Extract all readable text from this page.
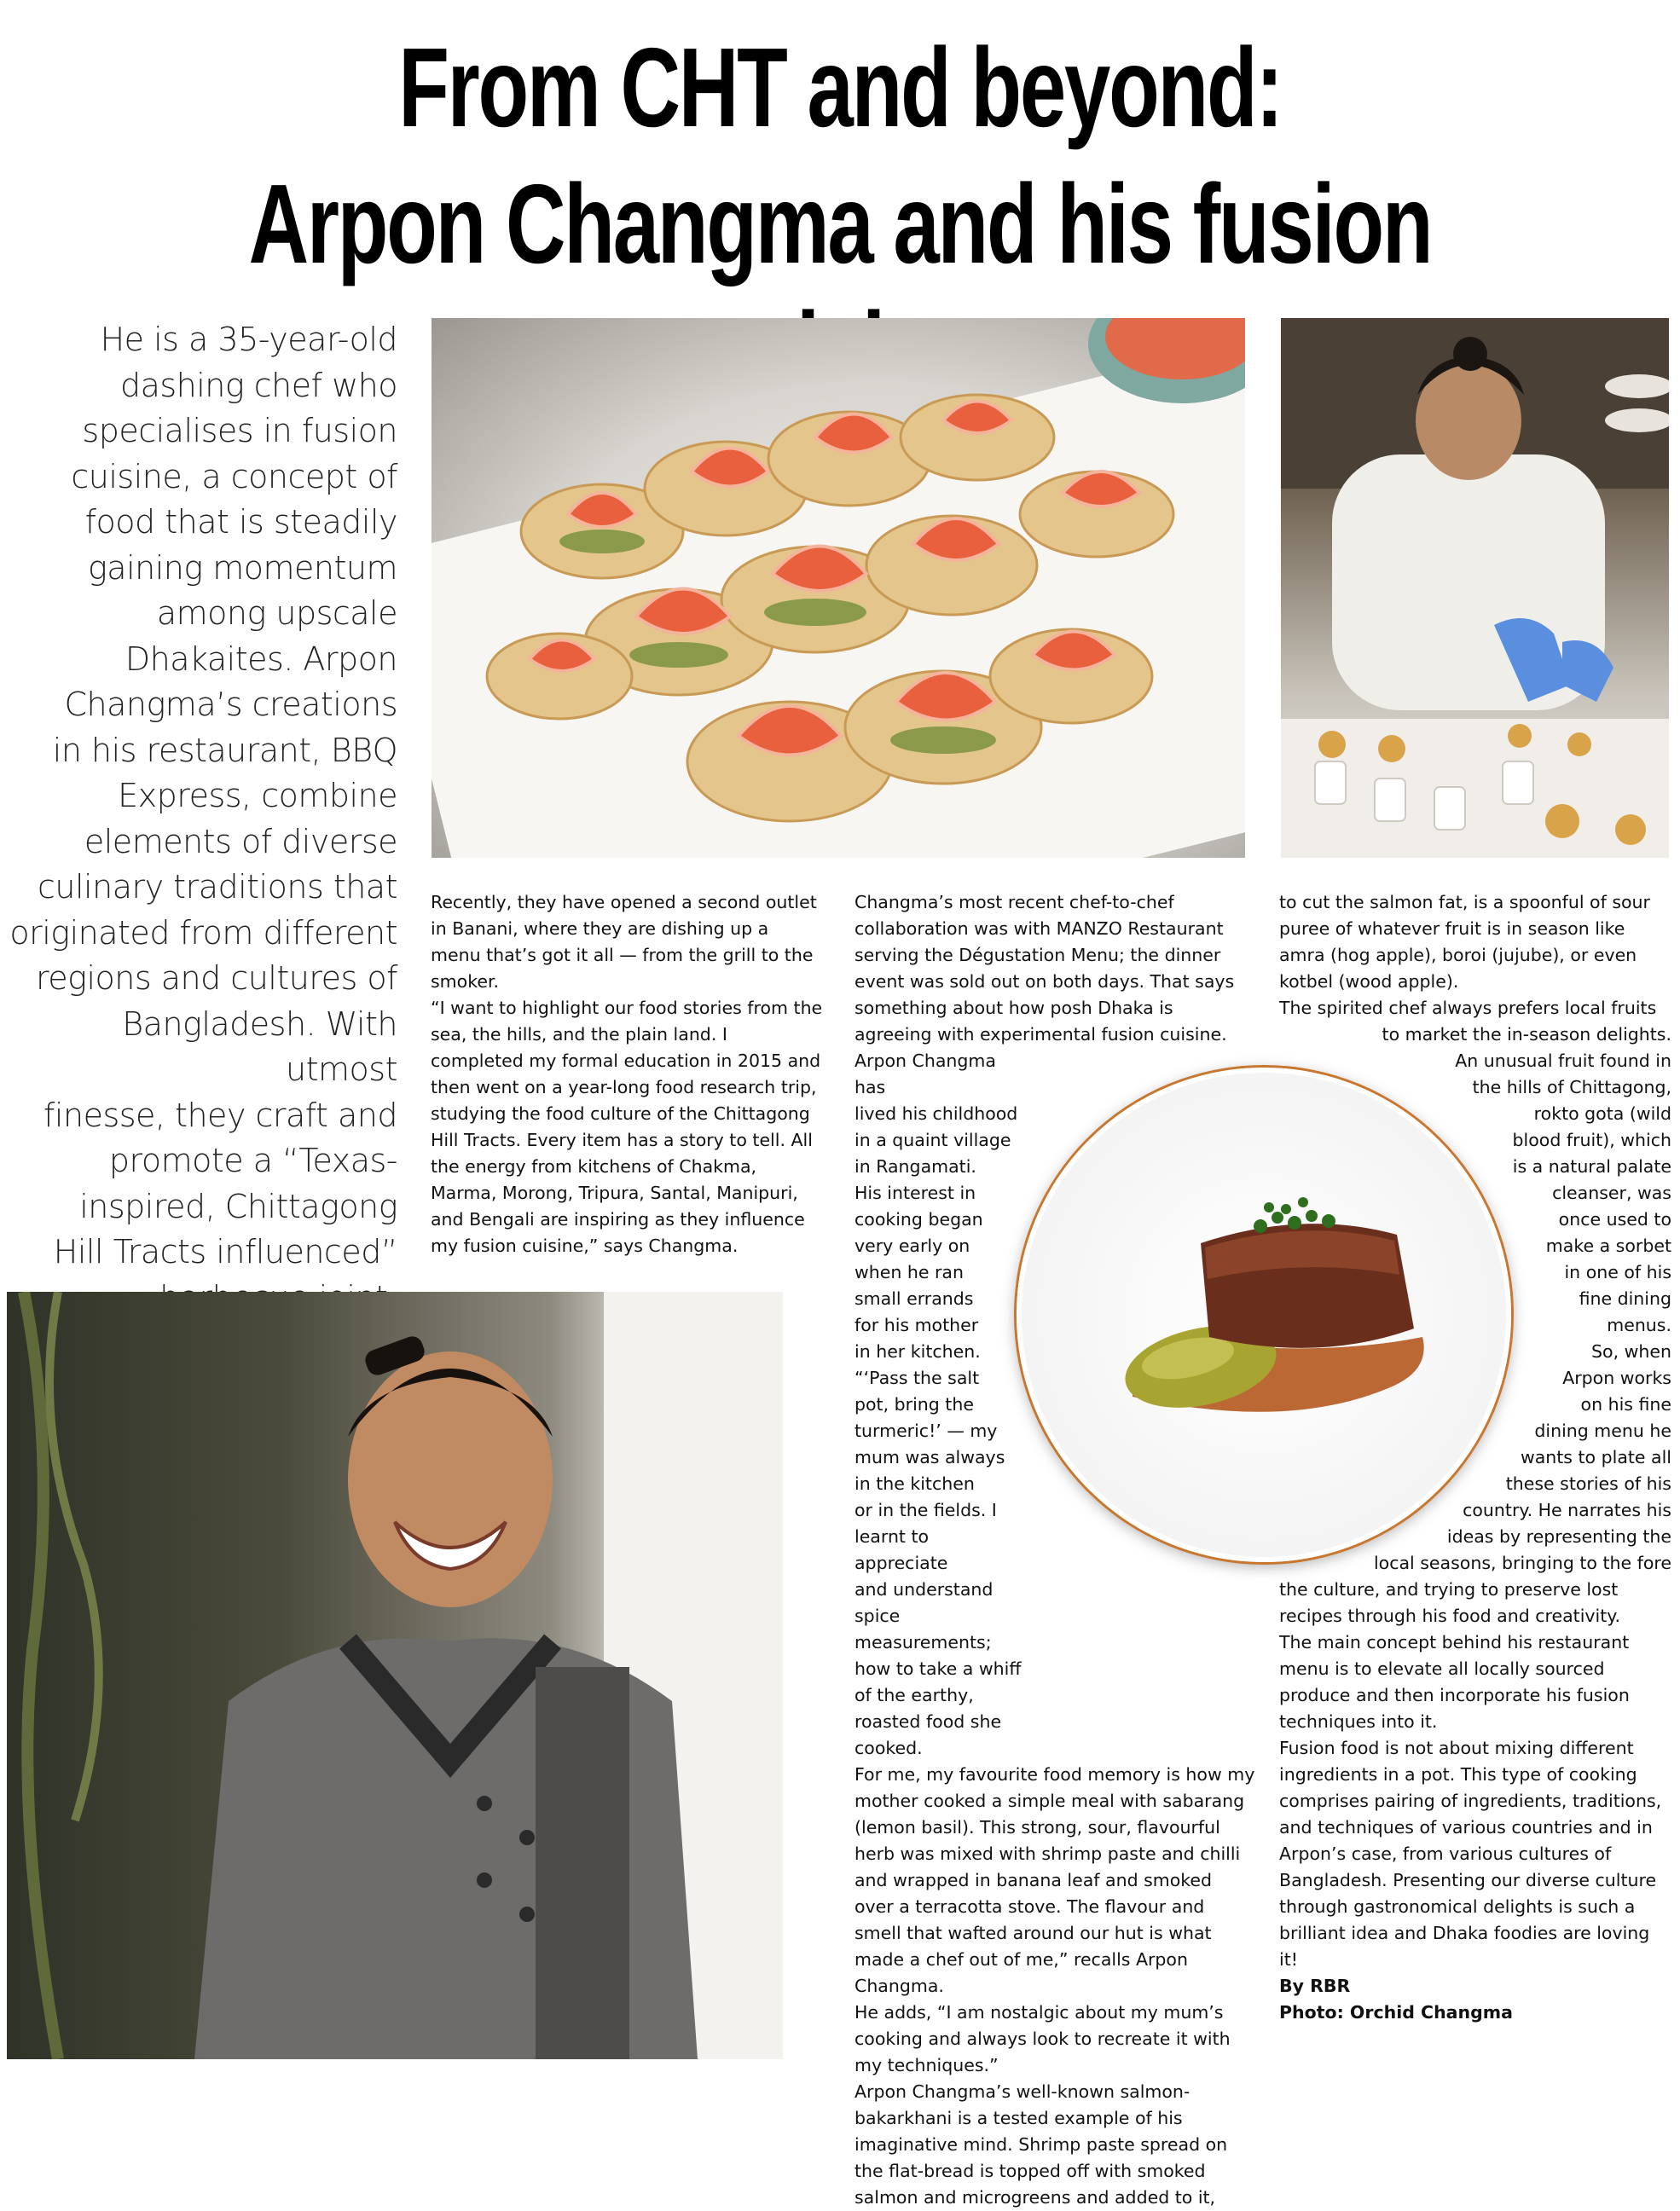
From CHT and beyond:
Arpon Changma and his fusion
He is a 35-year-old
dashing chef who
specialises in fusion
cuisine, a concept of
food that is steadily
gaining momentum
among upscale
Dhakaites. Arpon
Changma’s creations
in his restaurant, BBQ
Express, combine
elements of diverse
culinary traditions that
originated from different
regions and cultures of
Bangladesh. With utmost
finesse, they craft and
promote a “Texas-
inspired, Chittagong
Hill Tracts influenced”

Recently, they have opened a second outlet in Banani, where they are dishing up a menu that’s got it all — from the grill to the smoker.

“I want to highlight our food stories from the sea, the hills, and the plain land. I completed my formal education in 2015 and then went on a year-long food research trip, studying the food culture of the Chittagong Hill Tracts. Every item has a story to tell. All the energy from kitchens of Chakma, Marma, Morong, Tripura, Santal, Manipuri, and Bengali are inspiring as they influence my fusion cuisine,” says Changma.

Changma’s most recent chef-to-chef collaboration was with MANZO Restaurant serving the Dégustation Menu; the dinner event was sold out on both days. That says something about how posh Dhaka is agreeing with experimental fusion cuisine.

Arpon Changma has
lived his childhood
in a quaint village
in Rangamati.
His interest in
cooking began
very early on
when he ran
small errands
for his mother
in her kitchen.
“‘Pass the salt
pot, bring the
turmeric!’ — my
mum was always
in the kitchen
or in the fields. I
learnt to appreciate
and understand spice
measurements; how to take a whiff
of the earthy, roasted food she cooked.

For me, my favourite food memory is how my mother cooked a simple meal with sabarang (lemon basil). This strong, sour, flavourful herb was mixed with shrimp paste and chilli and wrapped in banana leaf and smoked over a terracotta stove. The flavour and smell that wafted around our hut is what made a chef out of me,” recalls Arpon Changma.

He adds, “I am nostalgic about my mum’s cooking and always look to recreate it with my techniques.”

Arpon Changma’s well-known salmon-bakarkhani is a tested example of his imaginative mind. Shrimp paste spread on the flat-bread is topped off with smoked salmon and microgreens and added to it,

to cut the salmon fat, is a spoonful of sour puree of whatever fruit is in season like amra (hog apple), boroi (jujube), or even kotbel (wood apple).

The spirited chef always prefers local fruits

to market the in-season delights.
An unusual fruit found in
the hills of Chittagong,
rokto gota (wild
blood fruit), which
is a natural palate
cleanser, was
once used to
make a sorbet
in one of his
fine dining
menus.
So, when
Arpon works
on his fine
dining menu he
wants to plate all
these stories of his
country. He narrates his
ideas by representing the
local seasons, bringing to the fore

the culture, and trying to preserve lost recipes through his food and creativity.

The main concept behind his restaurant menu is to elevate all locally sourced produce and then incorporate his fusion techniques into it.

Fusion food is not about mixing different ingredients in a pot. This type of cooking comprises pairing of ingredients, traditions, and techniques of various countries and in Arpon’s case, from various cultures of Bangladesh. Presenting our diverse culture through gastronomical delights is such a brilliant idea and Dhaka foodies are loving it!

By RBR

Photo: Orchid Changma
